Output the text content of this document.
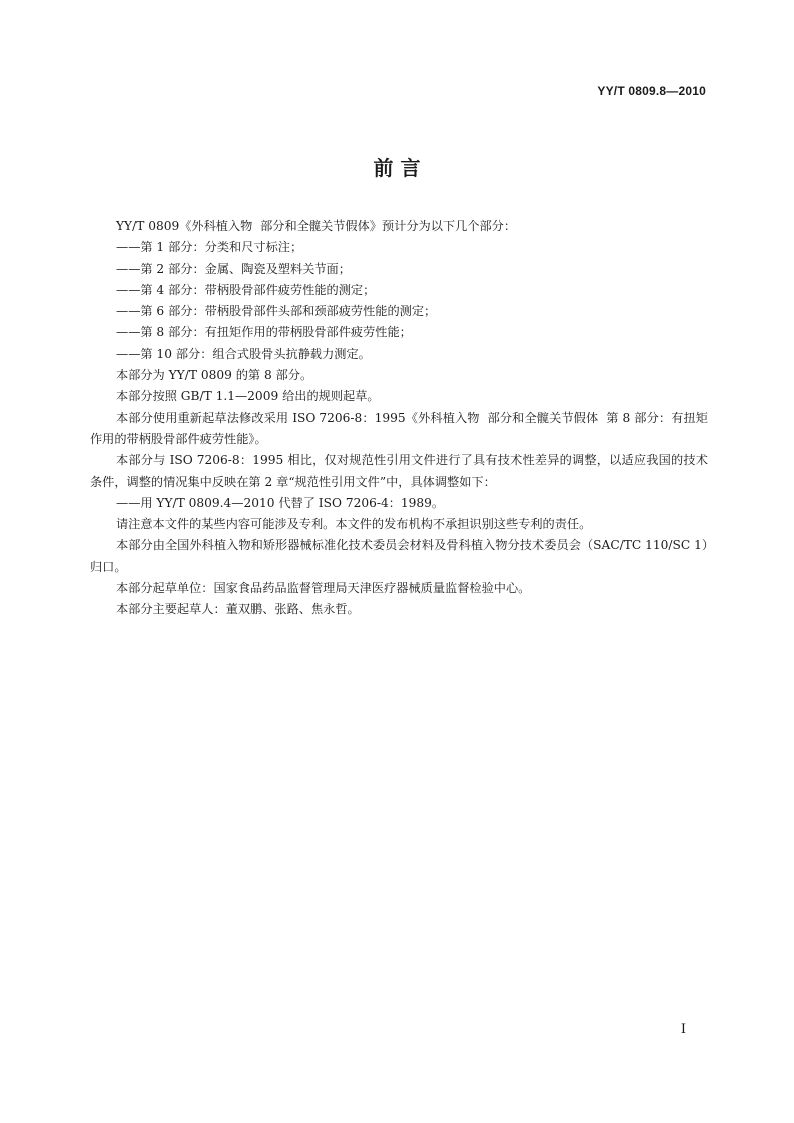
YY/T 0809.8—2010
前 言

YY/T 0809《外科植入物  部分和全髋关节假体》预计分为以下几个部分：

——第 1 部分：分类和尺寸标注；

——第 2 部分：金属、陶瓷及塑料关节面；

——第 4 部分：带柄股骨部件疲劳性能的测定；

——第 6 部分：带柄股骨部件头部和颈部疲劳性能的测定；

——第 8 部分：有扭矩作用的带柄股骨部件疲劳性能；

——第 10 部分：组合式股骨头抗静载力测定。

本部分为 YY/T 0809 的第 8 部分。

本部分按照 GB/T 1.1—2009 给出的规则起草。

本部分使用重新起草法修改采用 ISO 7206-8：1995《外科植入物  部分和全髋关节假体  第 8 部分：有扭矩作用的带柄股骨部件疲劳性能》。

本部分与 ISO 7206-8：1995 相比，仅对规范性引用文件进行了具有技术性差异的调整，以适应我国的技术条件，调整的情况集中反映在第 2 章“规范性引用文件”中，具体调整如下：

——用 YY/T 0809.4—2010 代替了 ISO 7206-4：1989。

请注意本文件的某些内容可能涉及专利。本文件的发布机构不承担识别这些专利的责任。

本部分由全国外科植入物和矫形器械标准化技术委员会材料及骨科植入物分技术委员会（SAC/TC 110/SC 1）归口。

本部分起草单位：国家食品药品监督管理局天津医疗器械质量监督检验中心。

本部分主要起草人：董双鹏、张路、焦永哲。

I
